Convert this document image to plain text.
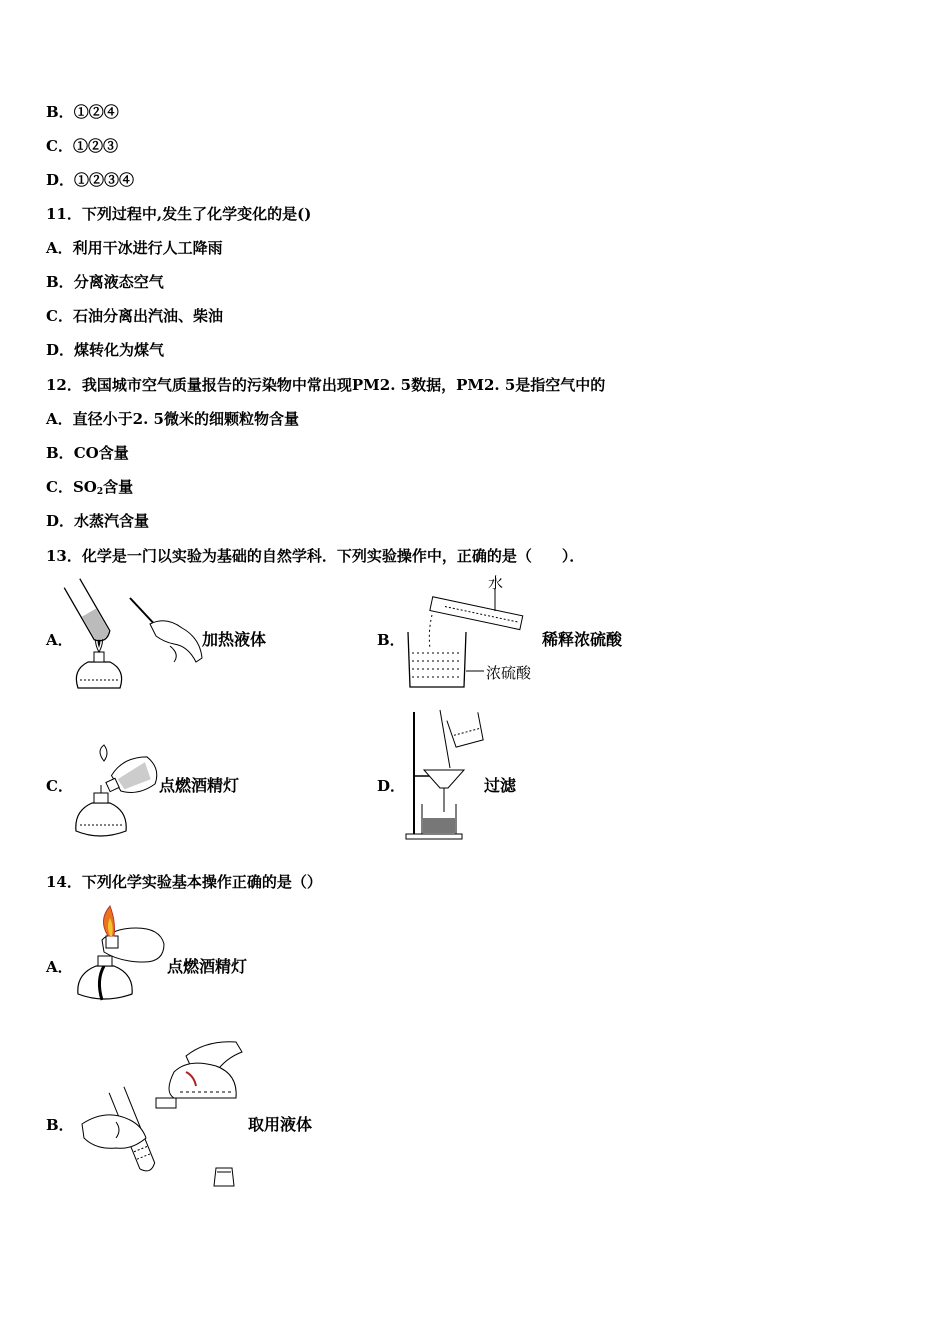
B．①②④
C．①②③
D．①②③④
11．下列过程中,发生了化学变化的是()
A．利用干冰进行人工降雨
B．分离液态空气
C．石油分离出汽油、柴油
D．煤转化为煤气
12．我国城市空气质量报告的污染物中常出现PM2. 5数据，PM2. 5是指空气中的
A．直径小于2. 5微米的细颗粒物含量
B．CO含量
C．$SO_2$含量
D．水蒸汽含量
13．化学是一门以实验为基础的自然学科．下列实验操作中，正确的是（　　）．
A．	加热液体	B．
水
浓硫酸
稀释浓硫酸
C．	点燃酒精灯	D．	过滤
14．下列化学实验基本操作正确的是（）
A．	点燃酒精灯
B．	取用液体
